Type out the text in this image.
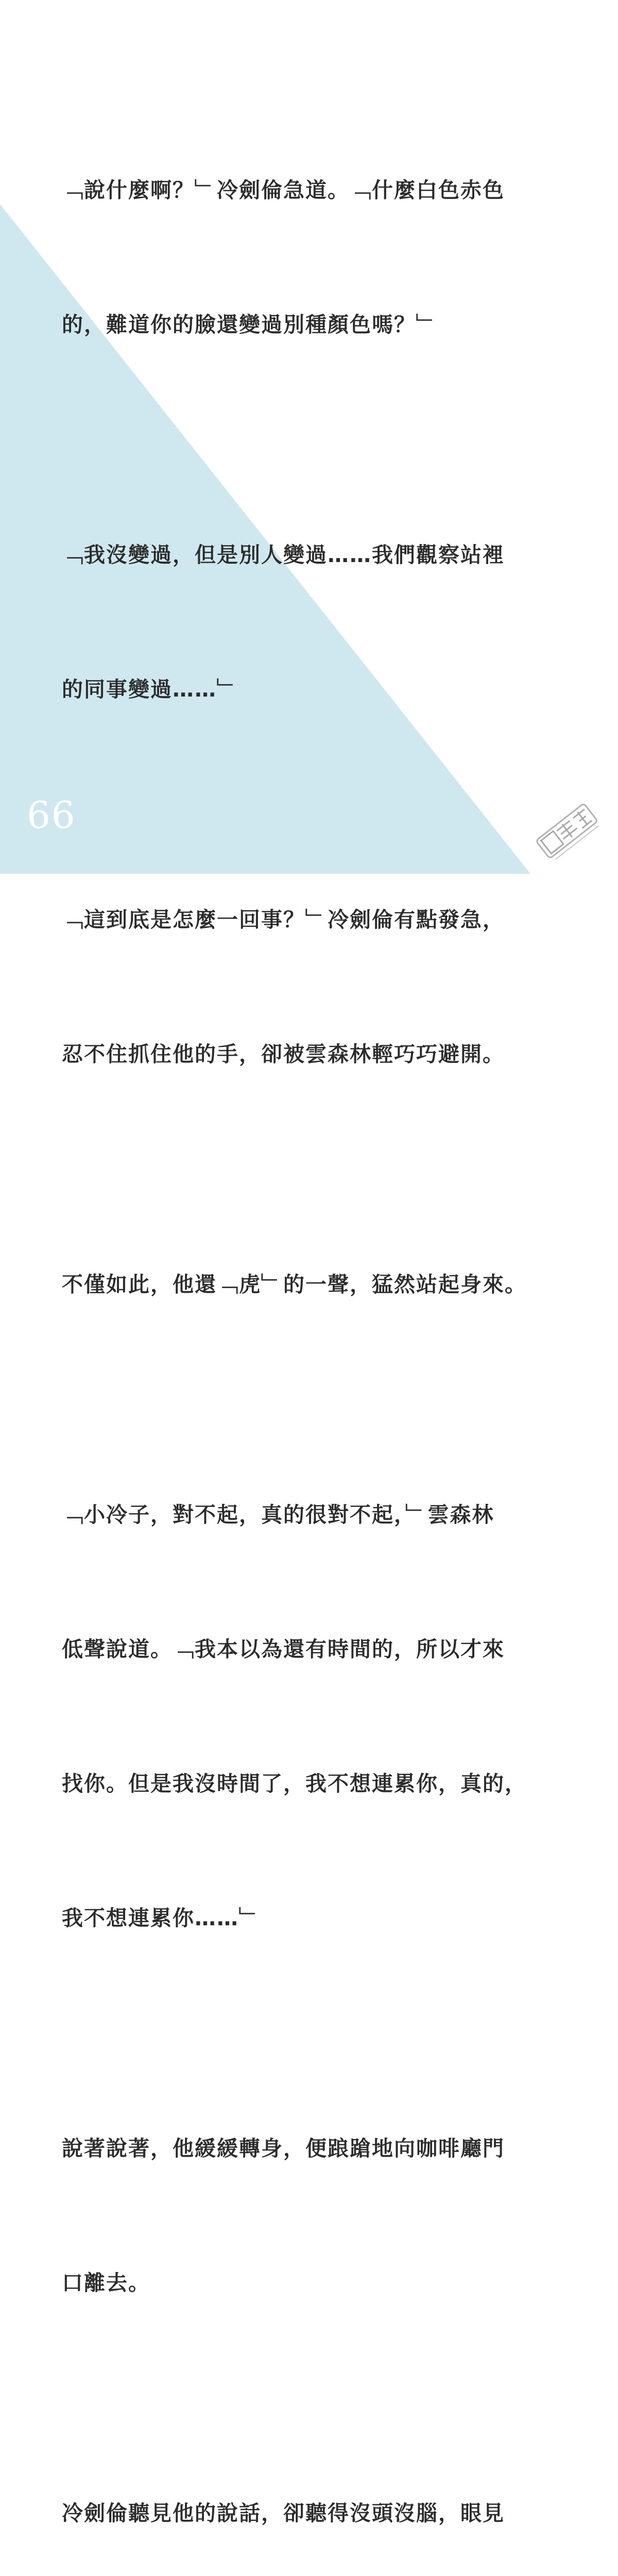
﹁說什麼啊？﹂冷劍倫急道。﹁什麼白色赤色

的，難道你的臉還變過別種顏色嗎？﹂

﹁我沒變過，但是別人變過……我們觀察站裡

的同事變過……﹂

﹁這到底是怎麼一回事？﹂冷劍倫有點發急，

忍不住抓住他的手，卻被雲森林輕巧巧避開。

不僅如此，他還﹁虎﹂的一聲，猛然站起身來。

﹁小冷子，對不起，真的很對不起，﹂雲森林

低聲說道。﹁我本以為還有時間的，所以才來

找你。但是我沒時間了，我不想連累你，真的，

我不想連累你……﹂

說著說著，他緩緩轉身，便踉蹌地向咖啡廳門

口離去。

冷劍倫聽見他的說話，卻聽得沒頭沒腦，眼見

66
